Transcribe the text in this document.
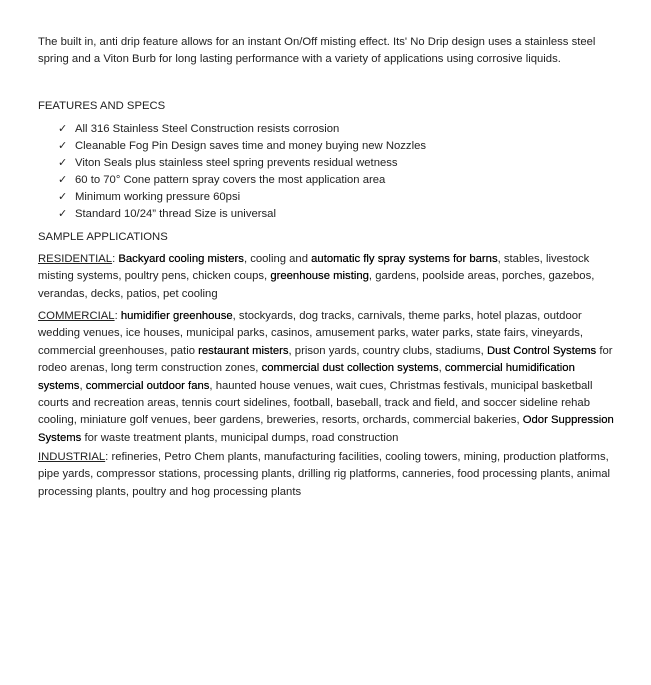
The built in, anti drip feature allows for an instant On/Off misting effect. Its' No Drip design uses a stainless steel spring and a Viton Burb for long lasting performance with a variety of applications using corrosive liquids.

FEATURES AND SPECS
✓ All 316 Stainless Steel Construction resists corrosion
✓ Cleanable Fog Pin Design saves time and money buying new Nozzles
✓ Viton Seals plus stainless steel spring prevents residual wetness
✓ 60 to 70° Cone pattern spray covers the most application area
✓ Minimum working pressure 60psi
✓ Standard 10/24” thread Size is universal
SAMPLE APPLICATIONS

RESIDENTIAL: Backyard cooling misters, cooling and automatic fly spray systems for barns, stables, livestock misting systems, poultry pens, chicken coups, greenhouse misting, gardens, poolside areas, porches, gazebos, verandas, decks, patios, pet cooling

COMMERCIAL: humidifier greenhouse, stockyards, dog tracks, carnivals, theme parks, hotel plazas, outdoor wedding venues, ice houses, municipal parks, casinos, amusement parks, water parks, state fairs, vineyards, commercial greenhouses, patio restaurant misters, prison yards, country clubs, stadiums, Dust Control Systems for rodeo arenas, long term construction zones, commercial dust collection systems, commercial humidification systems, commercial outdoor fans, haunted house venues, wait cues, Christmas festivals, municipal basketball courts and recreation areas, tennis court sidelines, football, baseball, track and field, and soccer sideline rehab cooling, miniature golf venues, beer gardens, breweries, resorts, orchards, commercial bakeries, Odor Suppression Systems for waste treatment plants, municipal dumps, road construction

INDUSTRIAL: refineries, Petro Chem plants, manufacturing facilities, cooling towers, mining, production platforms, pipe yards, compressor stations, processing plants, drilling rig platforms, canneries, food processing plants, animal processing plants, poultry and hog processing plants
